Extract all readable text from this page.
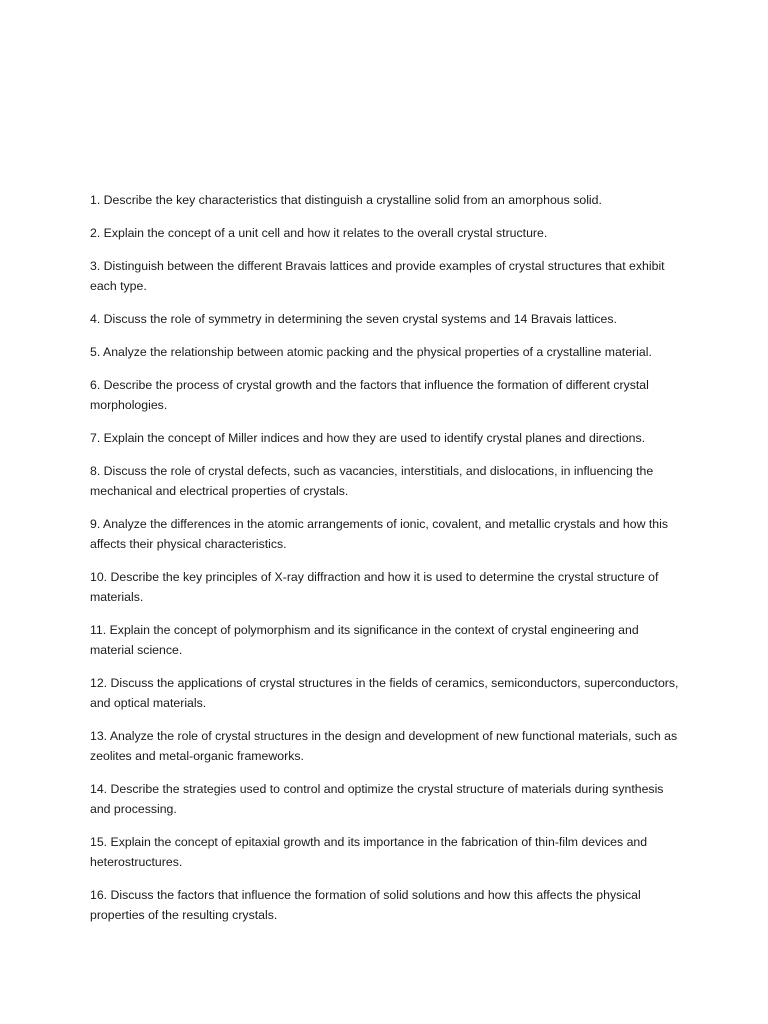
1. Describe the key characteristics that distinguish a crystalline solid from an amorphous solid.
2. Explain the concept of a unit cell and how it relates to the overall crystal structure.
3. Distinguish between the different Bravais lattices and provide examples of crystal structures that exhibit each type.
4. Discuss the role of symmetry in determining the seven crystal systems and 14 Bravais lattices.
5. Analyze the relationship between atomic packing and the physical properties of a crystalline material.
6. Describe the process of crystal growth and the factors that influence the formation of different crystal morphologies.
7. Explain the concept of Miller indices and how they are used to identify crystal planes and directions.
8. Discuss the role of crystal defects, such as vacancies, interstitials, and dislocations, in influencing the mechanical and electrical properties of crystals.
9. Analyze the differences in the atomic arrangements of ionic, covalent, and metallic crystals and how this affects their physical characteristics.
10. Describe the key principles of X-ray diffraction and how it is used to determine the crystal structure of materials.
11. Explain the concept of polymorphism and its significance in the context of crystal engineering and material science.
12. Discuss the applications of crystal structures in the fields of ceramics, semiconductors, superconductors, and optical materials.
13. Analyze the role of crystal structures in the design and development of new functional materials, such as zeolites and metal-organic frameworks.
14. Describe the strategies used to control and optimize the crystal structure of materials during synthesis and processing.
15. Explain the concept of epitaxial growth and its importance in the fabrication of thin-film devices and heterostructures.
16. Discuss the factors that influence the formation of solid solutions and how this affects the physical properties of the resulting crystals.
